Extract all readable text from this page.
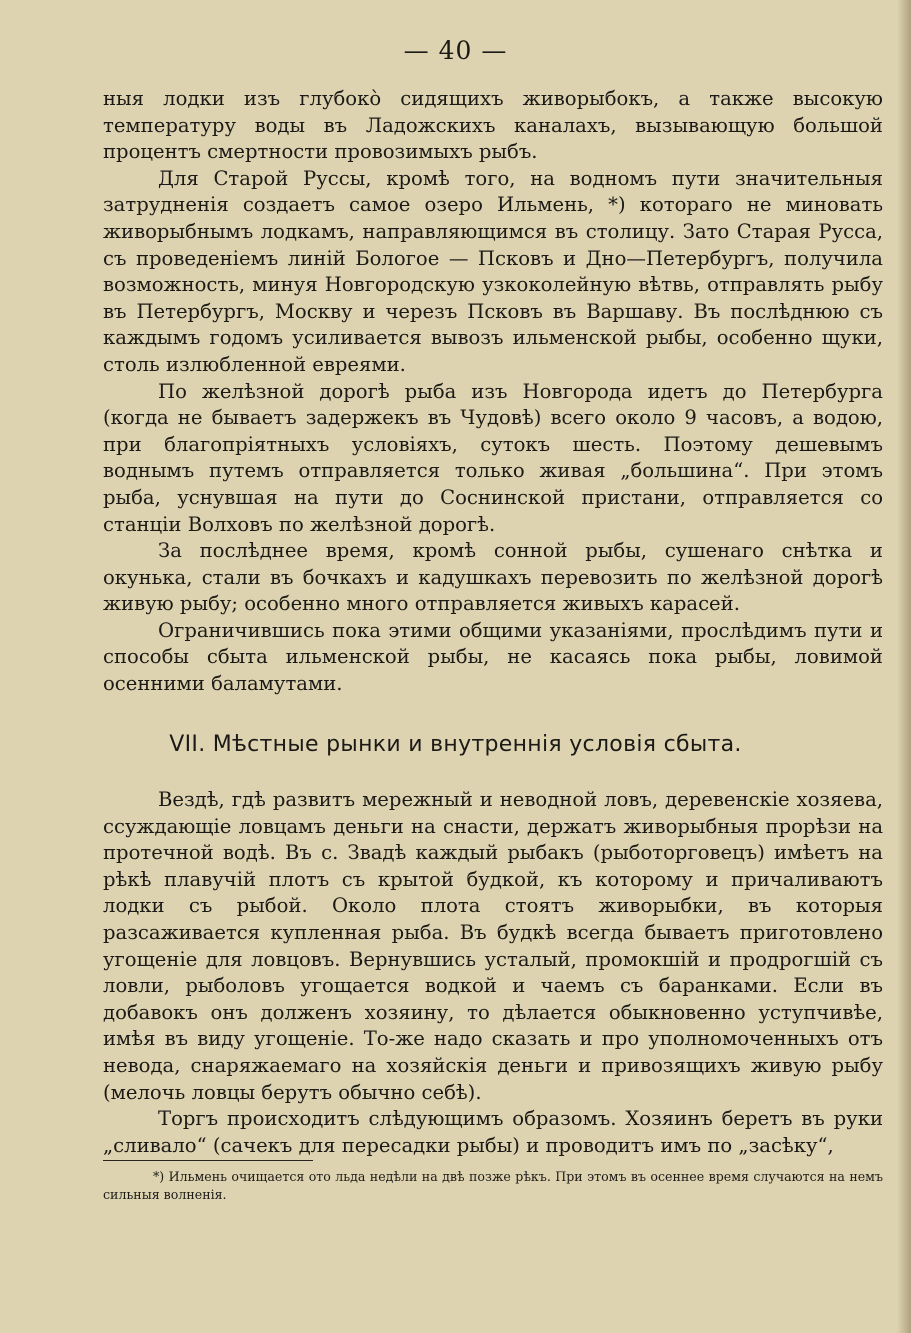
— 40 —

ныя лодки изъ глубоко̀ сидящихъ живорыбокъ, а также высокую температуру воды въ Ладожскихъ каналахъ, вызывающую большой процентъ смертности провозимыхъ рыбъ.

Для Старой Руссы, кромѣ того, на водномъ пути значительныя затрудненія создаетъ самое озеро Ильмень, *) котораго не миновать живорыбнымъ лодкамъ, направляющимся въ столицу. Зато Старая Русса, съ проведеніемъ линій Бологое — Псковъ и Дно—Петербургъ, получила возможность, минуя Новгородскую узкоколейную вѣтвь, отправлять рыбу въ Петербургъ, Москву и черезъ Псковъ въ Варшаву. Въ послѣднюю съ каждымъ годомъ усиливается вывозъ ильменской рыбы, особенно щуки, столь излюбленной евреями.

По желѣзной дорогѣ рыба изъ Новгорода идетъ до Петербурга (когда не бываетъ задержекъ въ Чудовѣ) всего около 9 часовъ, а водою, при благопріятныхъ условіяхъ, сутокъ шесть. Поэтому дешевымъ воднымъ путемъ отправляется только живая „большина“. При этомъ рыба, уснувшая на пути до Соснинской пристани, отправляется со станціи Волховъ по желѣзной дорогѣ.

За послѣднее время, кромѣ сонной рыбы, сушенаго снѣтка и окунька, стали въ бочкахъ и кадушкахъ перевозить по желѣзной дорогѣ живую рыбу; особенно много отправляется живыхъ карасей.

Ограничившись пока этими общими указаніями, прослѣдимъ пути и способы сбыта ильменской рыбы, не касаясь пока рыбы, ловимой осенними баламутами.

VII. Мѣстные рынки и внутреннія условія сбыта.

Вездѣ, гдѣ развитъ мережный и неводной ловъ, деревенскіе хозяева, ссуждающіе ловцамъ деньги на снасти, держатъ живорыбныя прорѣзи на протечной водѣ. Въ с. Звадѣ каждый рыбакъ (рыботорговецъ) имѣетъ на рѣкѣ плавучій плотъ съ крытой будкой, къ которому и причаливаютъ лодки съ рыбой. Около плота стоятъ живорыбки, въ которыя разсаживается купленная рыба. Въ будкѣ всегда бываетъ приготовлено угощеніе для ловцовъ. Вернувшись усталый, промокшій и продрогшій съ ловли, рыболовъ угощается водкой и чаемъ съ баранками. Если въ добавокъ онъ долженъ хозяину, то дѣлается обыкновенно уступчивѣе, имѣя въ виду угощеніе. То-же надо сказать и про уполномоченныхъ отъ невода, снаряжаемаго на хозяйскія деньги и привозящихъ живую рыбу (мелочь ловцы берутъ обычно себѣ).

Торгъ происходитъ слѣдующимъ образомъ. Хозяинъ беретъ въ руки „сливало“ (сачекъ для пересадки рыбы) и проводитъ имъ по „засѣку“,

*) Ильмень очищается ото льда недѣли на двѣ позже рѣкъ. При этомъ въ осеннее время случаются на немъ сильныя волненія.
